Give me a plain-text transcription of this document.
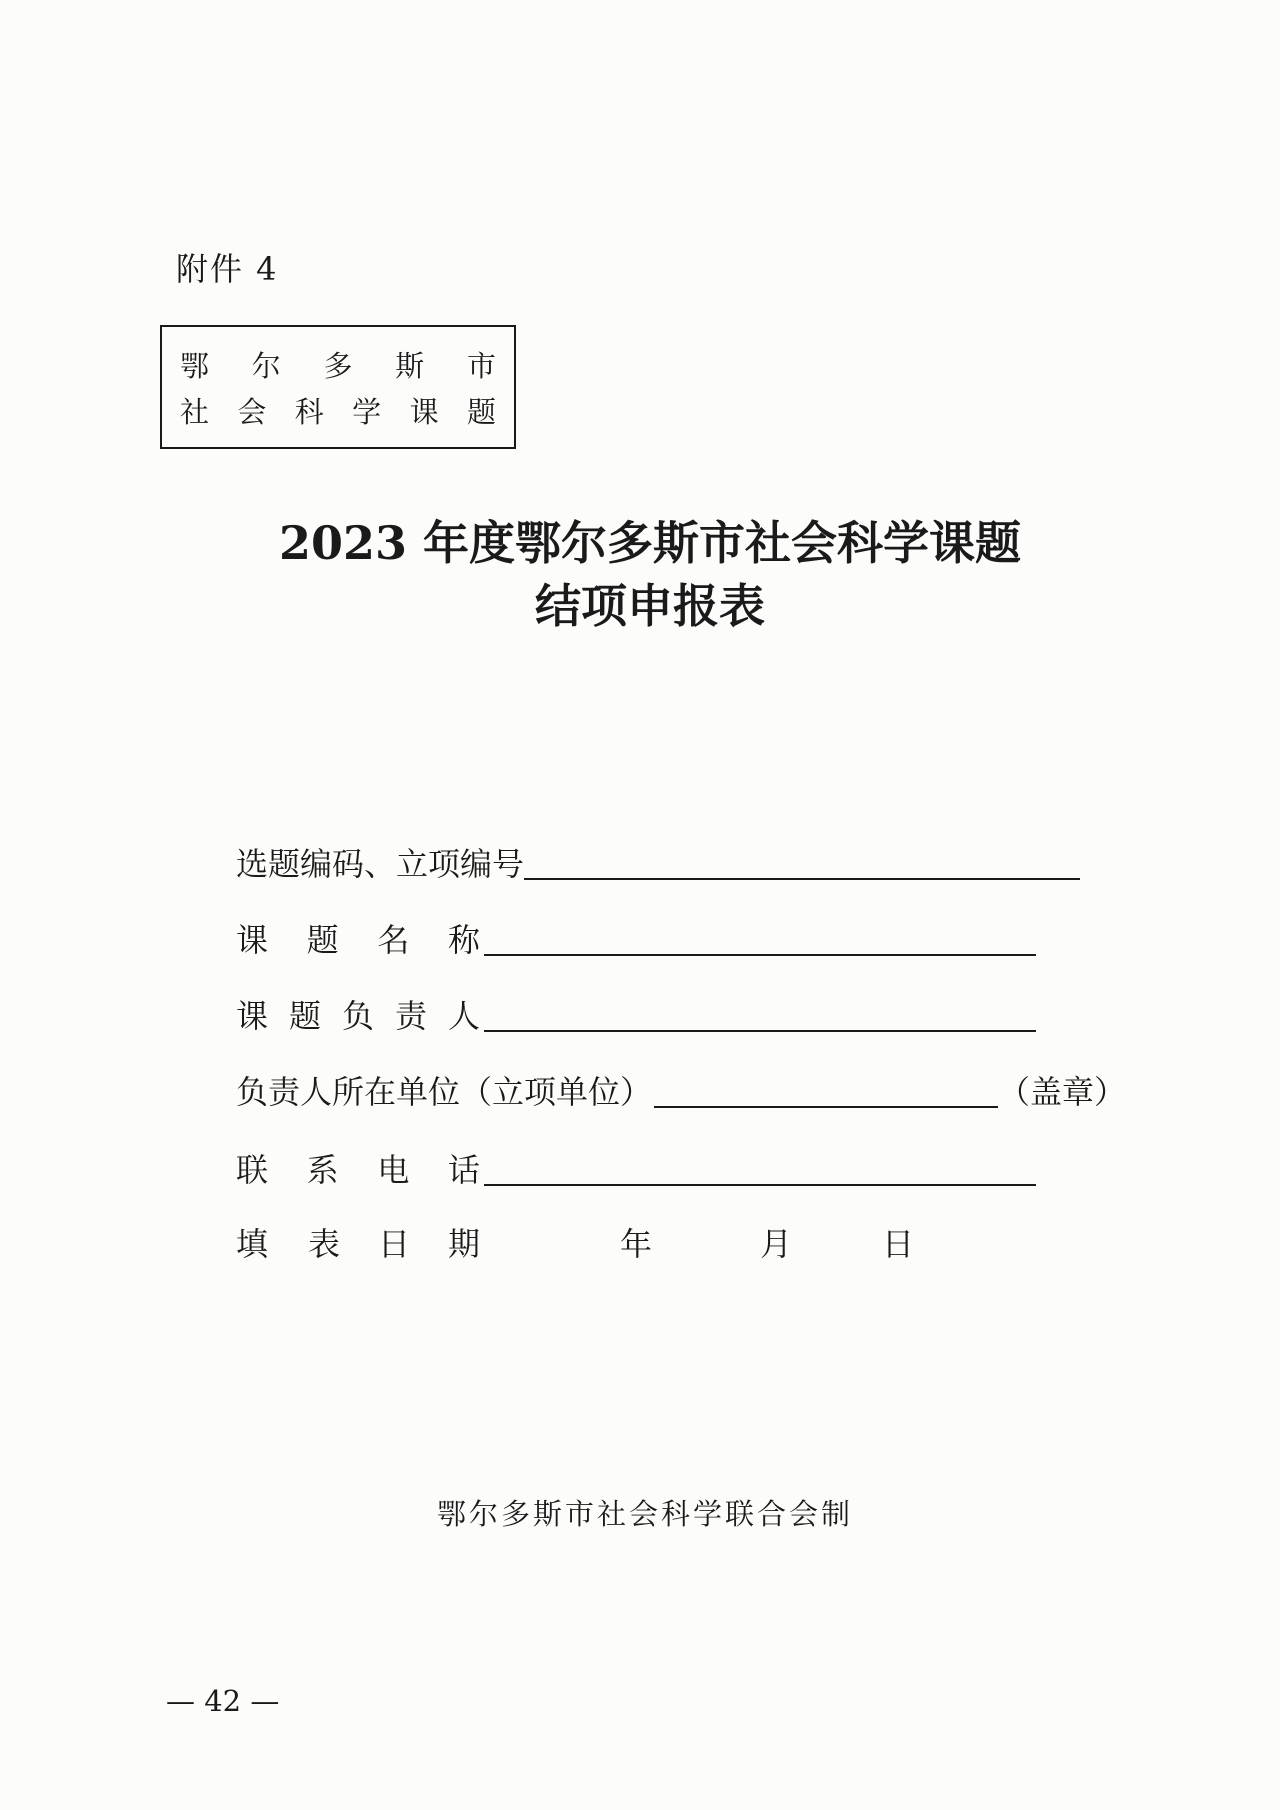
附件 4
鄂 尔 多 斯 市
社 会 科 学 课 题
2023 年度鄂尔多斯市社会科学课题
结项申报表
选题编码、立项编号
课 题 名 称
课 题 负 责 人
负责人所在单位（立项单位）	（盖章）
联 系 电 话
填 表 日 期	年	月	日
鄂尔多斯市社会科学联合会制
— 42 —
